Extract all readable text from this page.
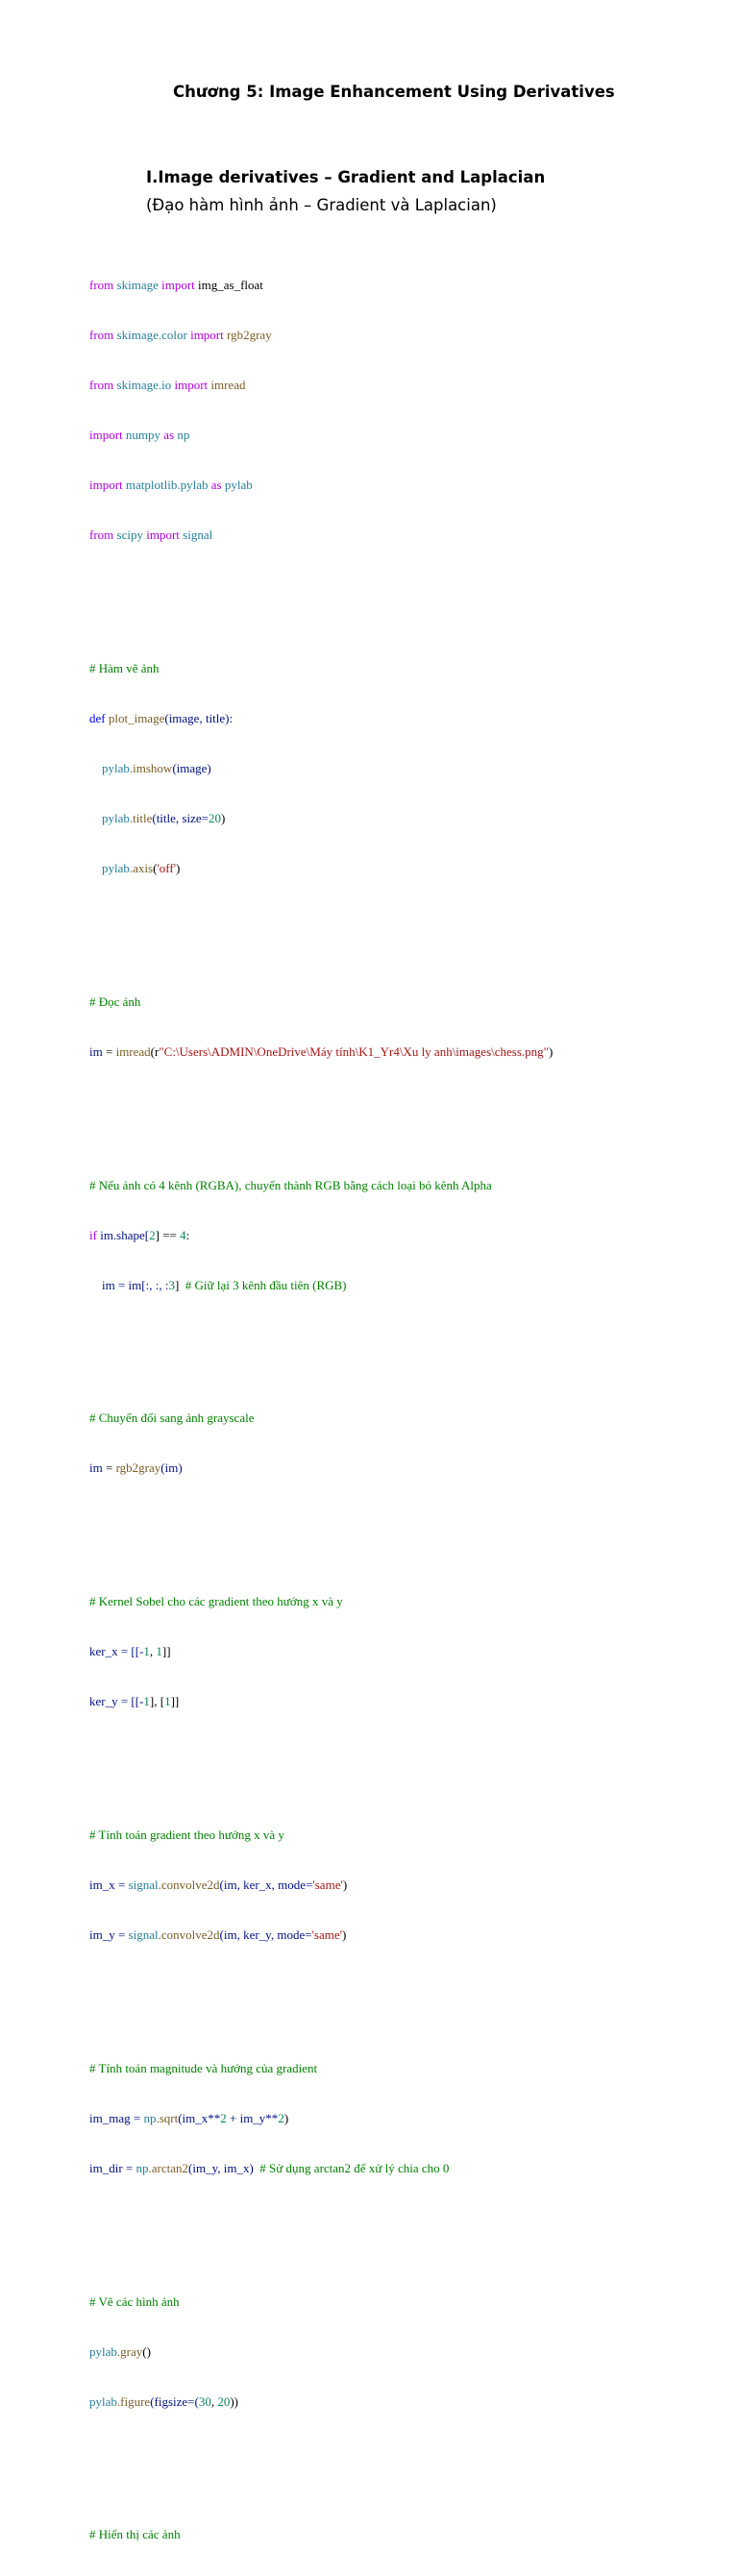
Chương 5: Image Enhancement Using Derivatives
I.Image derivatives – Gradient and Laplacian
(Đạo hàm hình ảnh – Gradient và Laplacian)

from skimage import img_as_float

from skimage.color import rgb2gray

from skimage.io import imread

import numpy as np

import matplotlib.pylab as pylab

from scipy import signal

# Hàm vẽ ảnh

def plot_image(image, title):

pylab.imshow(image)

pylab.title(title, size=20)

pylab.axis('off')

# Đọc ảnh

im = imread(r"C:\Users\ADMIN\OneDrive\Máy tính\K1_Yr4\Xu ly anh\images\chess.png")

# Nếu ảnh có 4 kênh (RGBA), chuyển thành RGB bằng cách loại bỏ kênh Alpha

if im.shape[2] == 4:

im = im[:, :, :3]  # Giữ lại 3 kênh đầu tiên (RGB)

# Chuyển đổi sang ảnh grayscale

im = rgb2gray(im)

# Kernel Sobel cho các gradient theo hướng x và y

ker_x = [[-1, 1]]

ker_y = [[-1], [1]]

# Tính toán gradient theo hướng x và y

im_x = signal.convolve2d(im, ker_x, mode='same')

im_y = signal.convolve2d(im, ker_y, mode='same')

# Tính toán magnitude và hướng của gradient

im_mag = np.sqrt(im_x**2 + im_y**2)

im_dir = np.arctan2(im_y, im_x)  # Sử dụng arctan2 để xử lý chia cho 0

# Vẽ các hình ảnh

pylab.gray()

pylab.figure(figsize=(30, 20))

# Hiển thị các ảnh
